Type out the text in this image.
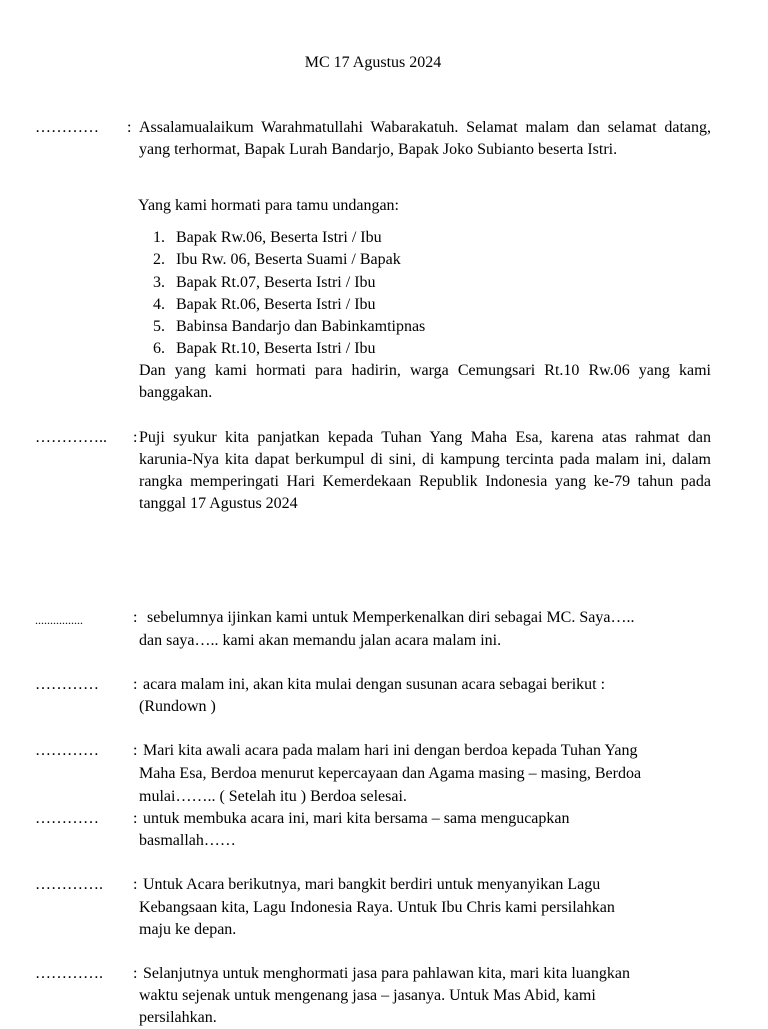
MC 17 Agustus 2024
………… : Assalamualaikum Warahmatullahi Wabarakatuh. Selamat malam dan selamat datang, yang terhormat, Bapak Lurah Bandarjo, Bapak Joko Subianto beserta Istri.
Yang kami hormati para tamu undangan:
1. Bapak Rw.06, Beserta Istri / Ibu
2. Ibu Rw. 06, Beserta Suami / Bapak
3. Bapak Rt.07, Beserta Istri / Ibu
4. Bapak Rt.06, Beserta Istri / Ibu
5. Babinsa Bandarjo dan Babinkamtipnas
6. Bapak Rt.10, Beserta Istri / Ibu
Dan yang kami hormati para hadirin, warga Cemungsari Rt.10 Rw.06 yang kami banggakan.
………….. : Puji syukur kita panjatkan kepada Tuhan Yang Maha Esa, karena atas rahmat dan karunia-Nya kita dapat berkumpul di sini, di kampung tercinta pada malam ini, dalam rangka memperingati Hari Kemerdekaan Republik Indonesia yang ke-79 tahun pada tanggal 17 Agustus 2024
................	: sebelumnya ijinkan kami untuk Memperkenalkan diri sebagai MC. Saya…..
dan saya….. kami akan memandu jalan acara malam ini.
………… : acara malam ini, akan kita mulai dengan susunan acara sebagai berikut :
(Rundown )
………… : Mari kita awali acara pada malam hari ini dengan berdoa kepada Tuhan Yang
Maha Esa, Berdoa menurut kepercayaan dan Agama masing – masing, Berdoa
mulai…….. ( Setelah itu ) Berdoa selesai.
………… : untuk membuka acara ini, mari kita bersama – sama mengucapkan
basmallah……
…………. : Untuk Acara berikutnya, mari bangkit berdiri untuk menyanyikan Lagu
Kebangsaan kita, Lagu Indonesia Raya. Untuk Ibu Chris kami persilahkan
maju ke depan.
…………. : Selanjutnya untuk menghormati jasa para pahlawan kita, mari kita luangkan
waktu sejenak untuk mengenang jasa – jasanya. Untuk Mas Abid, kami
persilahkan.
